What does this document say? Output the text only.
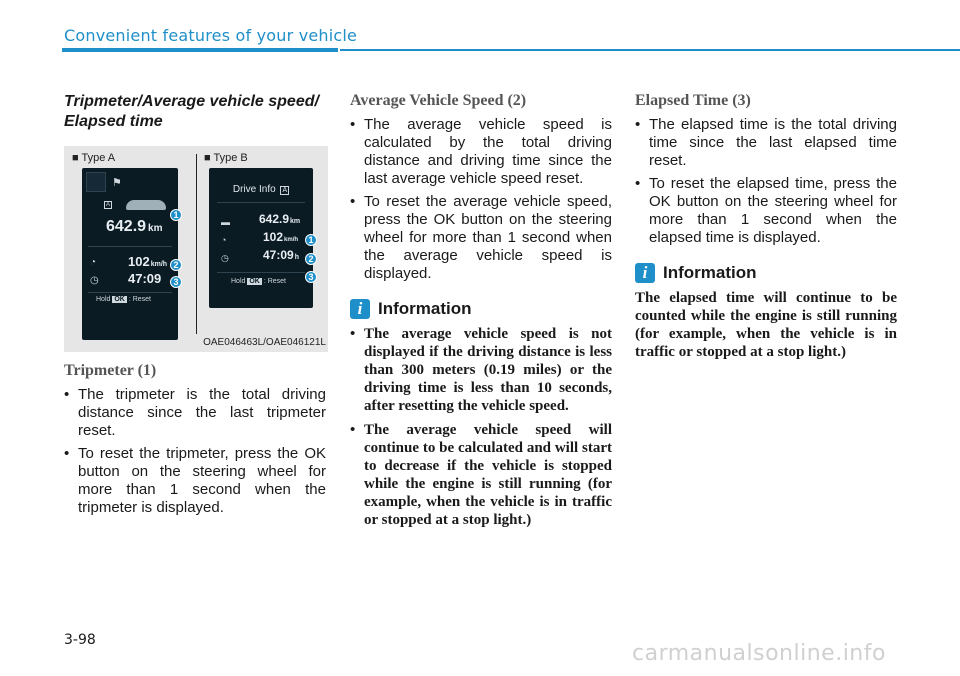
Convenient features of your vehicle
Tripmeter/Average vehicle speed/
Elapsed time
■ Type A	■ Type B
⚑
A
642.9 km
◔ 102km/h
◷ 47:09
Hold OK : Reset
1
2
3
Drive Info A
▬ 642.9km
◔	102km/h
◷	47:09h
Hold OK : Reset
1
2
3
OAE046463L/OAE046121L
Tripmeter (1)
• The tripmeter is the total driving distance since the last tripmeter reset.
• To reset the tripmeter, press the OK button on the steering wheel for more than 1 second when the tripmeter is displayed.
Average Vehicle Speed (2)
• The average vehicle speed is calculated by the total driving distance and driving time since the last average vehicle speed reset.
• To reset the average vehicle speed, press the OK button on the steering wheel for more than 1 second when the average vehicle speed is displayed.
i Information
• The average vehicle speed is not displayed if the driving distance is less than 300 meters (0.19 miles) or the driving time is less than 10 seconds, after resetting the vehicle speed.
• The average vehicle speed will continue to be calculated and will start to decrease if the vehicle is stopped while the engine is still running (for example, when the vehicle is in traffic or stopped at a stop light.)
Elapsed Time (3)
• The elapsed time is the total driving time since the last elapsed time reset.
• To reset the elapsed time, press the OK button on the steering wheel for more than 1 second when the elapsed time is displayed.
i Information

The elapsed time will continue to be counted while the engine is still running (for example, when the vehicle is in traffic or stopped at a stop light.)

3-98
carmanualsonline.info
